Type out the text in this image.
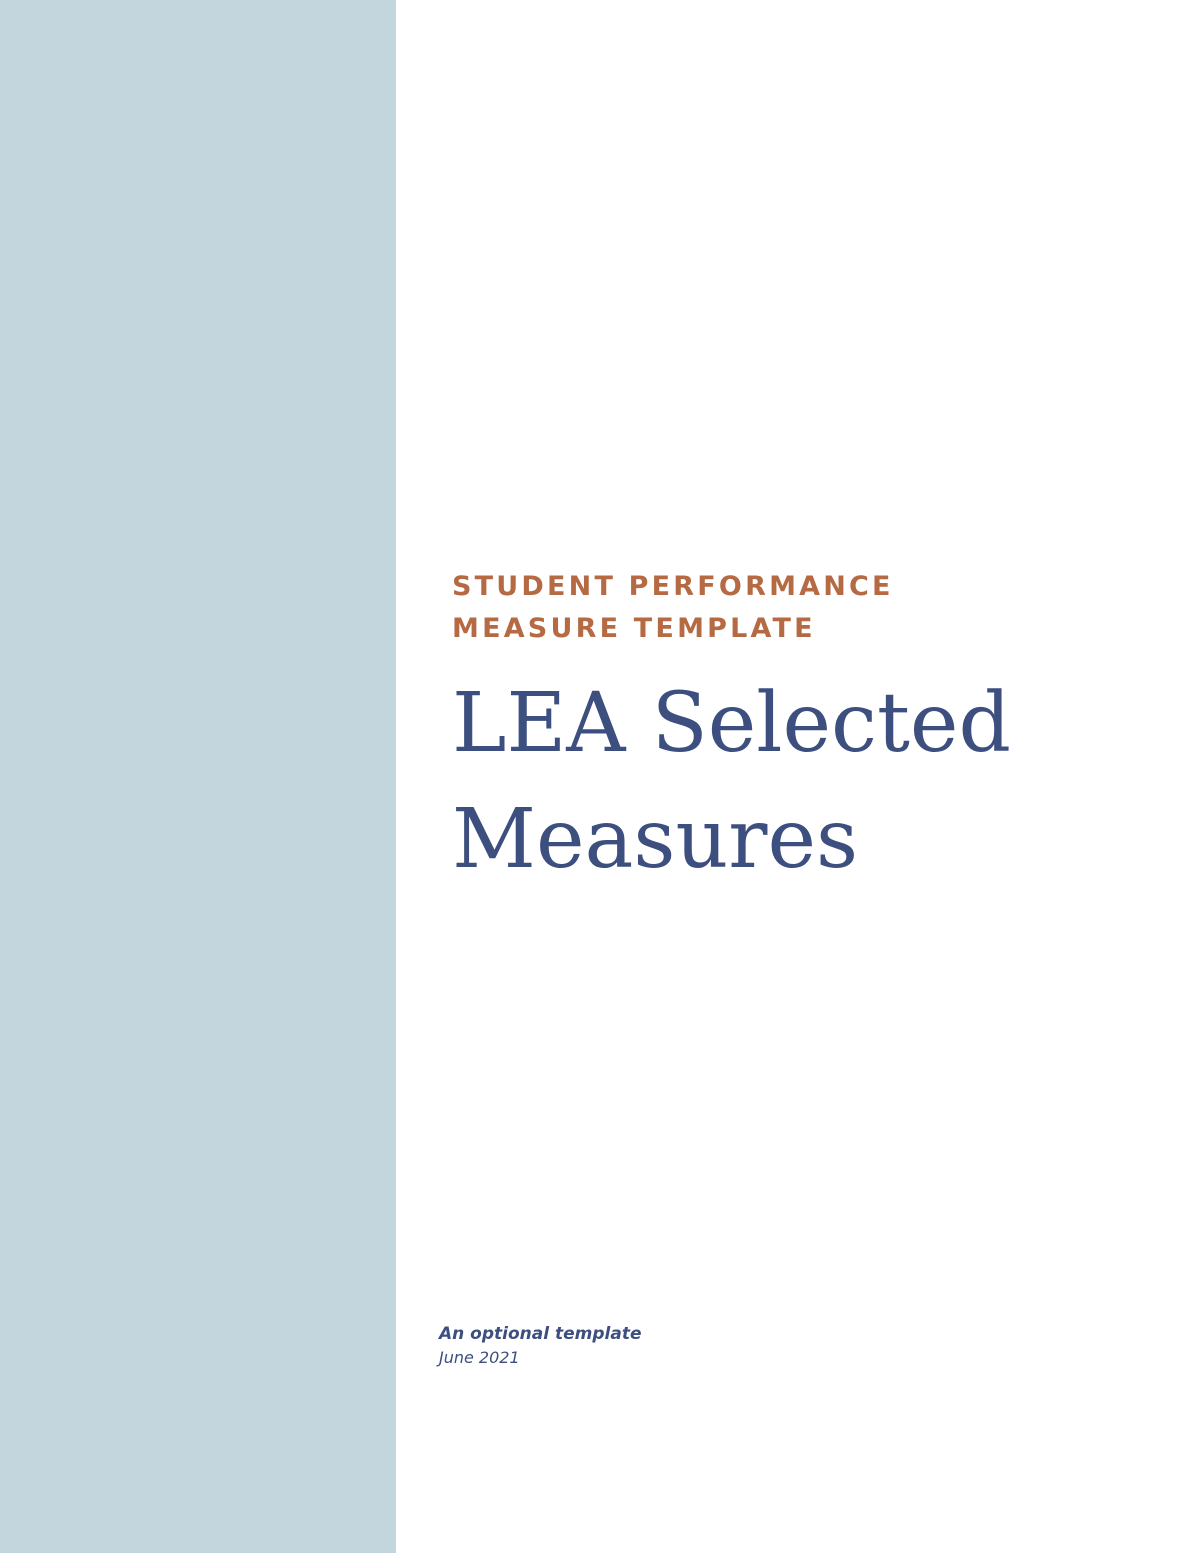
STUDENT PERFORMANCE

MEASURE TEMPLATE

LEA Selected
Measures

An optional template

June 2021
